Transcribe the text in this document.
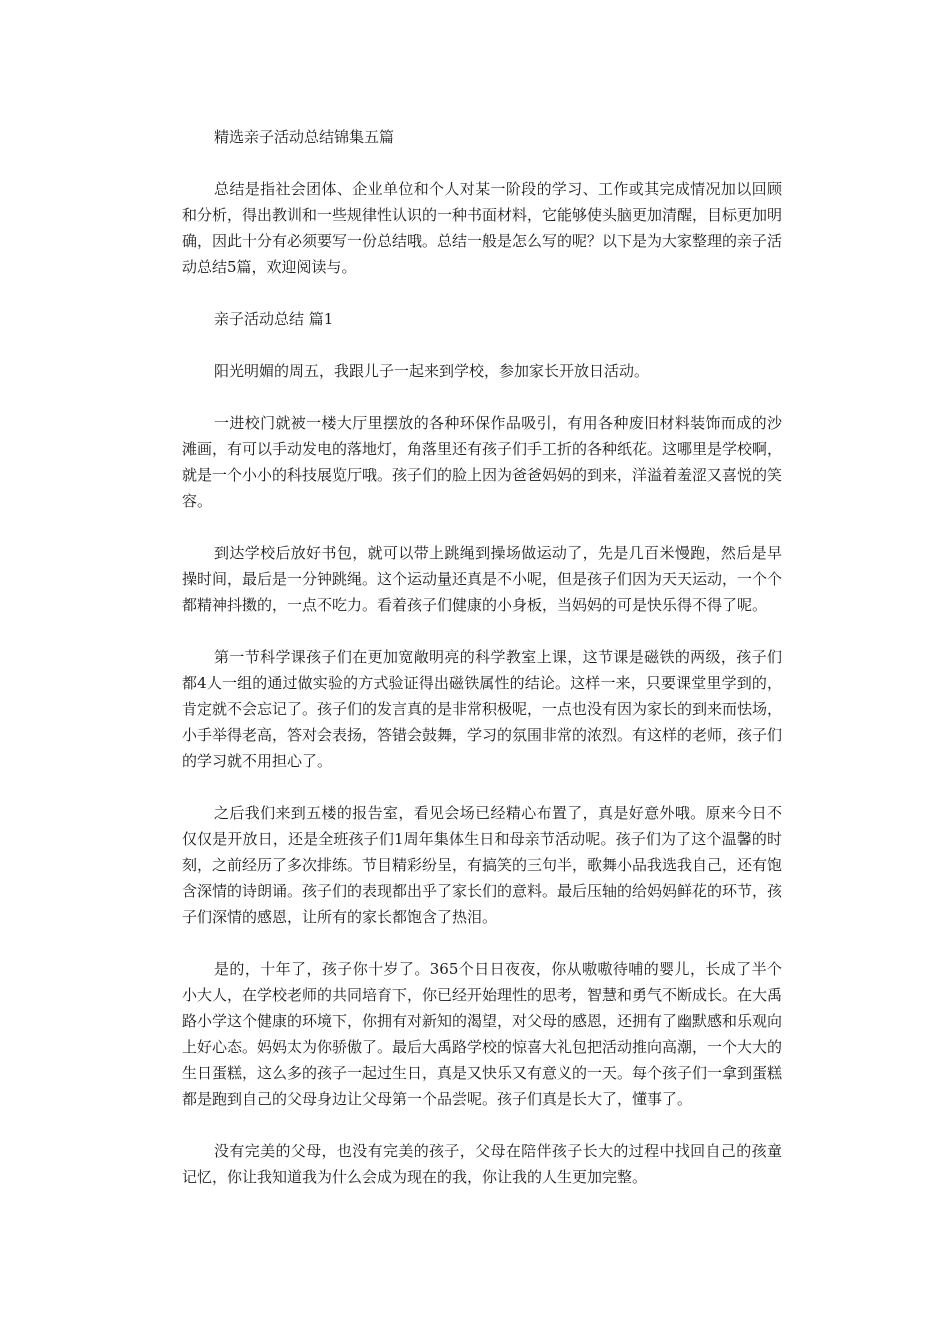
精选亲子活动总结锦集五篇

总结是指社会团体、企业单位和个人对某一阶段的学习、工作或其完成情况加以回顾和分析，得出教训和一些规律性认识的一种书面材料，它能够使头脑更加清醒，目标更加明确，因此十分有必须要写一份总结哦。总结一般是怎么写的呢？以下是为大家整理的亲子活动总结5篇，欢迎阅读与。

亲子活动总结 篇1

阳光明媚的周五，我跟儿子一起来到学校，参加家长开放日活动。

一进校门就被一楼大厅里摆放的各种环保作品吸引，有用各种废旧材料装饰而成的沙滩画，有可以手动发电的落地灯，角落里还有孩子们手工折的各种纸花。这哪里是学校啊，就是一个小小的科技展览厅哦。孩子们的脸上因为爸爸妈妈的到来，洋溢着羞涩又喜悦的笑容。

到达学校后放好书包，就可以带上跳绳到操场做运动了，先是几百米慢跑，然后是早操时间，最后是一分钟跳绳。这个运动量还真是不小呢，但是孩子们因为天天运动，一个个都精神抖擞的，一点不吃力。看着孩子们健康的小身板，当妈妈的可是快乐得不得了呢。

第一节科学课孩子们在更加宽敞明亮的科学教室上课，这节课是磁铁的两级，孩子们都4人一组的通过做实验的方式验证得出磁铁属性的结论。这样一来，只要课堂里学到的，肯定就不会忘记了。孩子们的发言真的是非常积极呢，一点也没有因为家长的到来而怯场，小手举得老高，答对会表扬，答错会鼓舞，学习的氛围非常的浓烈。有这样的老师，孩子们的学习就不用担心了。

之后我们来到五楼的报告室，看见会场已经精心布置了，真是好意外哦。原来今日不仅仅是开放日，还是全班孩子们1周年集体生日和母亲节活动呢。孩子们为了这个温馨的时刻，之前经历了多次排练。节目精彩纷呈，有搞笑的三句半，歌舞小品我选我自己，还有饱含深情的诗朗诵。孩子们的表现都出乎了家长们的意料。最后压轴的给妈妈鲜花的环节，孩子们深情的感恩，让所有的家长都饱含了热泪。

是的，十年了，孩子你十岁了。365个日日夜夜，你从嗷嗷待哺的婴儿，长成了半个小大人，在学校老师的共同培育下，你已经开始理性的思考，智慧和勇气不断成长。在大禹路小学这个健康的环境下，你拥有对新知的渴望，对父母的感恩，还拥有了幽默感和乐观向上好心态。妈妈太为你骄傲了。最后大禹路学校的惊喜大礼包把活动推向高潮，一个大大的生日蛋糕，这么多的孩子一起过生日，真是又快乐又有意义的一天。每个孩子们一拿到蛋糕都是跑到自己的父母身边让父母第一个品尝呢。孩子们真是长大了，懂事了。

没有完美的父母，也没有完美的孩子，父母在陪伴孩子长大的过程中找回自己的孩童记忆，你让我知道我为什么会成为现在的我，你让我的人生更加完整。
